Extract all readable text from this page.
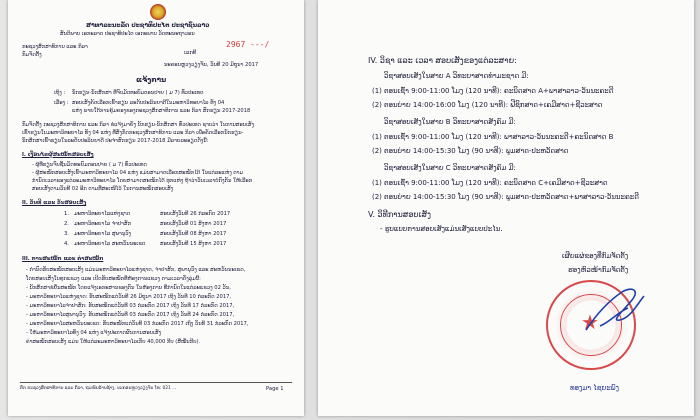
ສາທາລະນະລັດ ປະຊາທິປະໄຕ ປະຊາຊົນລາວ
ສັນຕິພາບ ເອກະລາດ ປະຊາທິປະໄຕ ເອກະພາບ ວັດທະນະຖາວອນ
ກະຊວງສຶກສາທິການ ແລະ ກິລາ
ກົມຈັດຕັ້ງ	ເລກທີ
2967 ---/
ນະຄອນຫຼວງວຽງຈັນ, ວັນທີ 20 ມິຖຸນາ 2017
ແຈ້ງການ
ເຖິງ : ນັກຮຽນ-ນັກສຶກສາ ທີ່ຈົບມັດທະຍົມຕອນປາຍ ( ມ 7) ທົ່ວປະເທດ
ເລື່ອງ : ສອບເສັງຄັດເລືອກເຂົ້າຮຽນ ລະດັບປະລິນຍາຕີໃນມະຫາວິທະຍາໄລ ທັງ 04
ແຫ່ງ ພາຍໃຕ້ການຄຸ້ມຄອງຂອງກະຊວງສຶກສາທິການ ແລະ ກິລາ ສົກຮຽນ 2017-2018
ກົມຈັດຕັ້ງ ກະຊວງສຶກສາທິການ ແລະ ກິລາ ຂໍແຈ້ງມາຍັງ ນັກຮຽນ-ນັກສຶກສາ ທົ່ວປະເທດ ຊາບວ່າ ໃນການສອບເສັງ
ເຂົ້າຮຽນໃນມະຫາວິທະຍາໄລ ທັງ 04 ແຫ່ງ ທີ່ສັງກັດກະຊວງສຶກສາທິການ ແລະ ກິລາ ເພື່ອຄັດເລືອກນັກຮຽນ-
ນັກສຶກສາເຂົ້າຮຽນໃນລະດັບປະລິນຍາຕີ ປະຈຳສົກຮຽນ 2017-2018 ມີລາຍລະອຽດດັ່ງນີ້:
I. ເງື່ອນໄຂຜູ້ສະໝັກສອບເສັງ
- ຜູ້ທີ່ຮຽນຈົບຊັ້ນມັດທະຍົມຕອນປາຍ ( ມ 7) ທົ່ວປະເທດ
- ຜູ້ສະໝັກສອບເສັງເຂົ້າມະຫາວິທະຍາໄລ 04 ແຫ່ງ ແມ່ນສາມາດເລືອກສະໝັກໄດ້ ໃນແຕ່ລະແຫ່ງ ຕາມ
ກຳນົດເວລາຂອງແຕ່ລະມະຫາວິທະຍາໄລ ໂດຍສາມາດສະໝັກໄດ້ ທຸກແຫ່ງ ຖ້າວ່າວັນເວລາບໍ່ກົງກັນ ໃຫ້ເລືອກ
ສອບເສັງຕາມວັນທີ 02 ອີກ ຕາມທີ່ສະເໜີໄວ້ ໃນການສະໝັກສອບເສັງ
II. ວັນທີ ແລະ ວັນສອບເສັງ
1. ມະຫາວິທະຍາໄລແຫ່ງຊາດ	ສອບເສັງວັນທີ 26 ກໍລະກົດ 2017
2. ມະຫາວິທະຍາໄລ ຈຳປາສັກ	ສອບເສັງວັນທີ 01 ສິງຫາ 2017
3. ມະຫາວິທະຍາໄລ ສຸພານຸວົງ	ສອບເສັງວັນທີ 08 ສິງຫາ 2017
4. ມະຫາວິທະຍາໄລ ສະຫວັນນະເຂດ	ສອບເສັງວັນທີ 15 ສິງຫາ 2017
III. ການສະໝັກ ແລະ ຄ່າສະໝັກ
- ກຳນົດຮັບສະໝັກສອບເສັງ ແມ່ນມະຫາວິທະຍາໄລແຫ່ງຊາດ, ຈຳປາສັກ, ສຸພານຸວົງ ແລະ ສະຫວັນນະເຂດ,
ໂດຍສອບເສັງໃນທຸກແຂວງ ແລະ ເປີດຮັບສະໝັກທີ່ຫ້ອງການແຂວງ ຕາມເວລາດັ່ງລຸ່ມນີ້:
- ນັກສຶກສາຂໍຍື່ນສະໝັກ ໂດຍແຈ້ງເອກະສານຂອງຕົນ ໃນຫ້ອງການ ທີ່ກຳນົດໃນແຕ່ລະແຂວງ 02 ວັນ,
- ມະຫາວິທະຍາໄລແຫ່ງຊາດ: ຮັບສະໝັກແຕ່ວັນທີ 26 ມິຖຸນາ 2017 ເຖິງ ວັນທີ 10 ກໍລະກົດ 2017,
- ມະຫາວິທະຍາໄລຈຳປາສັກ: ຮັບສະໝັກແຕ່ວັນທີ 03 ກໍລະກົດ 2017 ເຖິງ ວັນທີ 17 ກໍລະກົດ 2017,
- ມະຫາວິທະຍາໄລສຸພານຸວົງ: ຮັບສະໝັກແຕ່ວັນທີ 03 ກໍລະກົດ 2017 ເຖິງ ວັນທີ 24 ກໍລະກົດ 2017,
- ມະຫາວິທະຍາໄລສະຫວັນນະເຂດ: ຮັບສະໝັກແຕ່ວັນທີ 03 ກໍລະກົດ 2017 ເຖິງ ວັນທີ 31 ກໍລະກົດ 2017,
- ໃຫ້ມະຫາວິທະຍາໄລທັງ 04 ແຫ່ງ ແຈ້ງປະກາດຜົນການສອບເສັງ
ຄ່າສະໝັກສອບເສັງ ແມ່ນ ໃຫ້ແຕ່ລະມະຫາວິທະຍາໄລເກັບ 40,000 ກີບ (ສີ່ໝື່ນກີບ).
ຕຶກ ກະຊວງສຶກສາທິການ ແລະ ກິລາ, ຖະໜົນລ້ານຊ້າງ, ນະຄອນຫຼວງວຽງຈັນ ໂທ: 021 ...	Page 1
IV. ວິຊາ ແລະ ເວລາ ສອບເສັງຂອງແຕ່ລະສາຍ:
ວິຊາສອບເສັງໃນສາຍ A ວິທະຍາສາດທຳມະຊາດ ມີ:
(1) ຕອນເຊົ້າ 9:00-11:00 ໂມງ (120 ນາທີ): ຄະນິດສາດ A+ພາສາລາວ-ວັນນະຄະດີ
(2) ຕອນບ່າຍ 14:00-16:00 ໂມງ (120 ນາທີ): ຟີຊິກສາດ+ເຄມີສາດ+ຊີວະສາດ
ວິຊາສອບເສັງໃນສາຍ B ວິທະຍາສາດສັງຄົມ ມີ:
(1) ຕອນເຊົ້າ 9:00-11:00 ໂມງ (120 ນາທີ): ພາສາລາວ-ວັນນະຄະດີ+ຄະນິດສາດ B
(2) ຕອນບ່າຍ 14:00-15:30 ໂມງ (90 ນາທີ): ພູມສາດ-ປະຫວັດສາດ
ວິຊາສອບເສັງໃນສາຍ C ວິທະຍາສາດສັງຄົມ ມີ:
(1) ຕອນເຊົ້າ 9:00-11:00 ໂມງ (120 ນາທີ): ຄະນິດສາດ C+ເຄມີສາດ+ຊີວະສາດ
(2) ຕອນບ່າຍ 14:00-15:30 ໂມງ (90 ນາທີ): ພູມສາດ-ປະຫວັດສາດ+ພາສາລາວ-ວັນນະຄະດີ
V. ວິທີການສອບເສັງ
- ຮູບແບບການສອບເສັງແມ່ນເສັງແບບປະໄນ.
ເຜີຍແຜ່ຂອງທີ່ກົມຈັດຕັ້ງ
ຮອງຫົວໜ້າກົມຈັດຕັ້ງ
★
ທອງມາ ໄຊຍະພົງ
